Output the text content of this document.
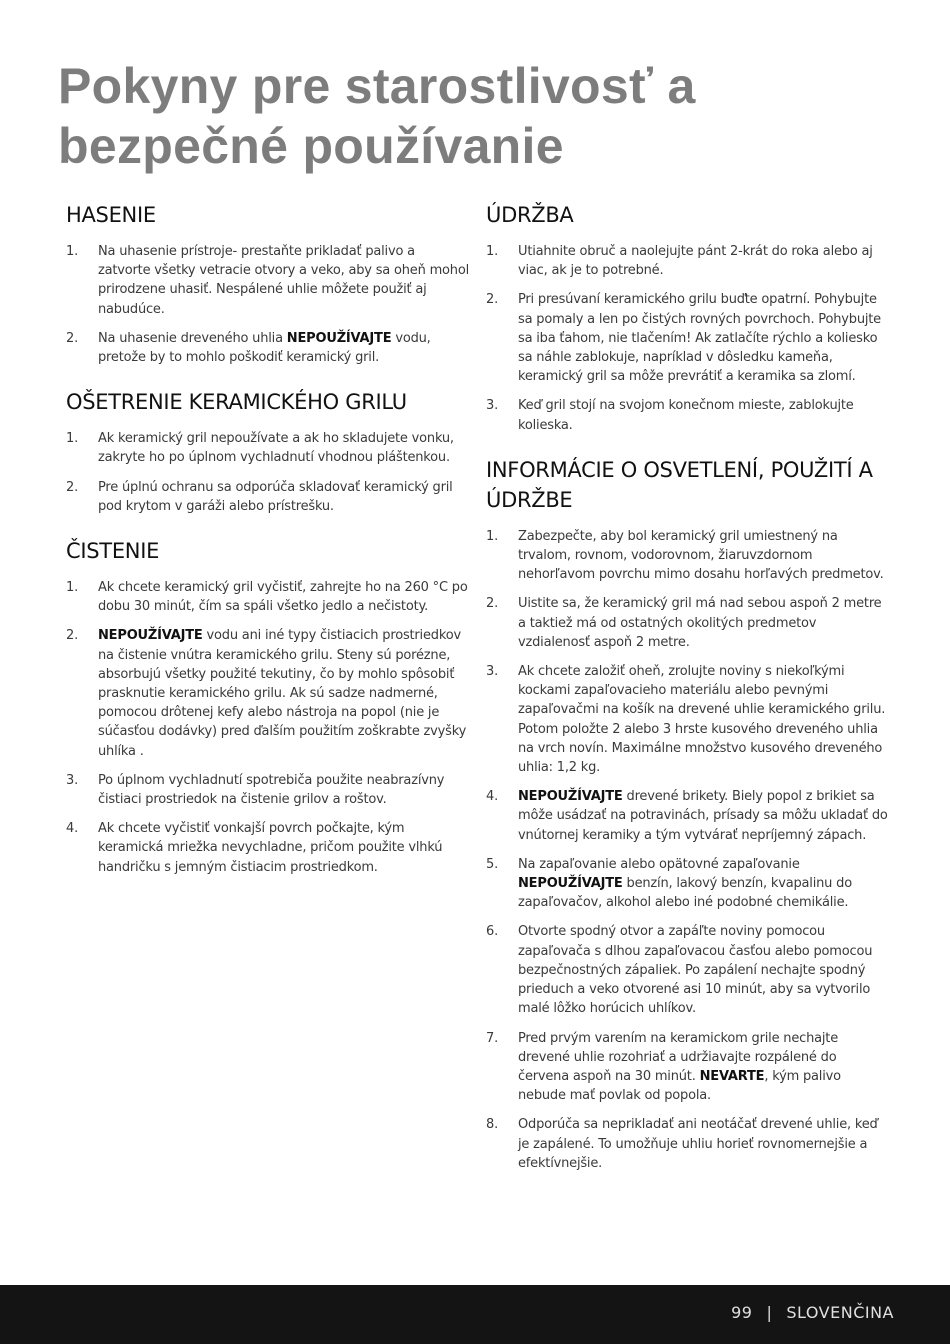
Pokyny pre starostlivosť a bezpečné používanie
HASENIE
1. Na uhasenie prístroje- prestaňte prikladať palivo a zatvorte všetky vetracie otvory a veko, aby sa oheň mohol prirodzene uhasiť. Nespálené uhlie môžete použiť aj nabudúce.
2. Na uhasenie dreveného uhlia NEPOUŽÍVAJTE vodu, pretože by to mohlo poškodiť keramický gril.
OŠETRENIE KERAMICKÉHO GRILU
1. Ak keramický gril nepoužívate a ak ho skladujete vonku, zakryte ho po úplnom vychladnutí vhodnou pláštenkou.
2. Pre úplnú ochranu sa odporúča skladovať keramický gril pod krytom v garáži alebo prístrešku.
ČISTENIE
1. Ak chcete keramický gril vyčistiť, zahrejte ho na 260 °C po dobu 30 minút, čím sa spáli všetko jedlo a nečistoty.
2. NEPOUŽÍVAJTE vodu ani iné typy čistiacich prostriedkov na čistenie vnútra keramického grilu. Steny sú porézne, absorbujú všetky použité tekutiny, čo by mohlo spôsobiť prasknutie keramického grilu. Ak sú sadze nadmerné, pomocou drôtenej kefy alebo nástroja na popol (nie je súčasťou dodávky) pred ďalším použitím zoškrabte zvyšky uhlíka .
3. Po úplnom vychladnutí spotrebiča použite neabrazívny čistiaci prostriedok na čistenie grilov a roštov.
4. Ak chcete vyčistiť vonkajší povrch počkajte, kým keramická mriežka nevychladne, pričom použite vlhkú handričku s jemným čistiacim prostriedkom.
ÚDRŽBA
1. Utiahnite obruč a naolejujte pánt 2-krát do roka alebo aj viac, ak je to potrebné.
2. Pri presúvaní keramického grilu buďte opatrní. Pohybujte sa pomaly a len po čistých rovných povrchoch. Pohybujte sa iba ťahom, nie tlačením! Ak zatlačíte rýchlo a koliesko sa náhle zablokuje, napríklad v dôsledku kameňa, keramický gril sa môže prevrátiť a keramika sa zlomí.
3. Keď gril stojí na svojom konečnom mieste, zablokujte kolieska.
INFORMÁCIE O OSVETLENÍ, POUŽITÍ A ÚDRŽBE
1. Zabezpečte, aby bol keramický gril umiestnený na trvalom, rovnom, vodorovnom, žiaruvzdornom nehorľavom povrchu mimo dosahu horľavých predmetov.
2. Uistite sa, že keramický gril má nad sebou aspoň 2 metre a taktiež má od ostatných okolitých predmetov vzdialenosť aspoň 2 metre.
3. Ak chcete založiť oheň, zrolujte noviny s niekoľkými kockami zapaľovacieho materiálu alebo pevnými zapaľovačmi na košík na drevené uhlie keramického grilu. Potom položte 2 alebo 3 hrste kusového dreveného uhlia na vrch novín. Maximálne množstvo kusového dreveného uhlia: 1,2 kg.
4. NEPOUŽÍVAJTE drevené brikety. Biely popol z brikiet sa môže usádzať na potravinách, prísady sa môžu ukladať do vnútornej keramiky a tým vytvárať nepríjemný zápach.
5. Na zapaľovanie alebo opätovné zapaľovanie NEPOUŽÍVAJTE benzín, lakový benzín, kvapalinu do zapaľovačov, alkohol alebo iné podobné chemikálie.
6. Otvorte spodný otvor a zapáľte noviny pomocou zapaľovača s dlhou zapaľovacou časťou alebo pomocou bezpečnostných zápaliek. Po zapálení nechajte spodný prieduch a veko otvorené asi 10 minút, aby sa vytvorilo malé lôžko horúcich uhlíkov.
7. Pred prvým varením na keramickom grile nechajte drevené uhlie rozohriať a udržiavajte rozpálené do červena aspoň na 30 minút. NEVARTE, kým palivo nebude mať povlak od popola.
8. Odporúča sa neprikladať ani neotáčať drevené uhlie, keď je zapálené. To umožňuje uhliu horieť rovnomernejšie a efektívnejšie.
99 | SLOVENČINA
